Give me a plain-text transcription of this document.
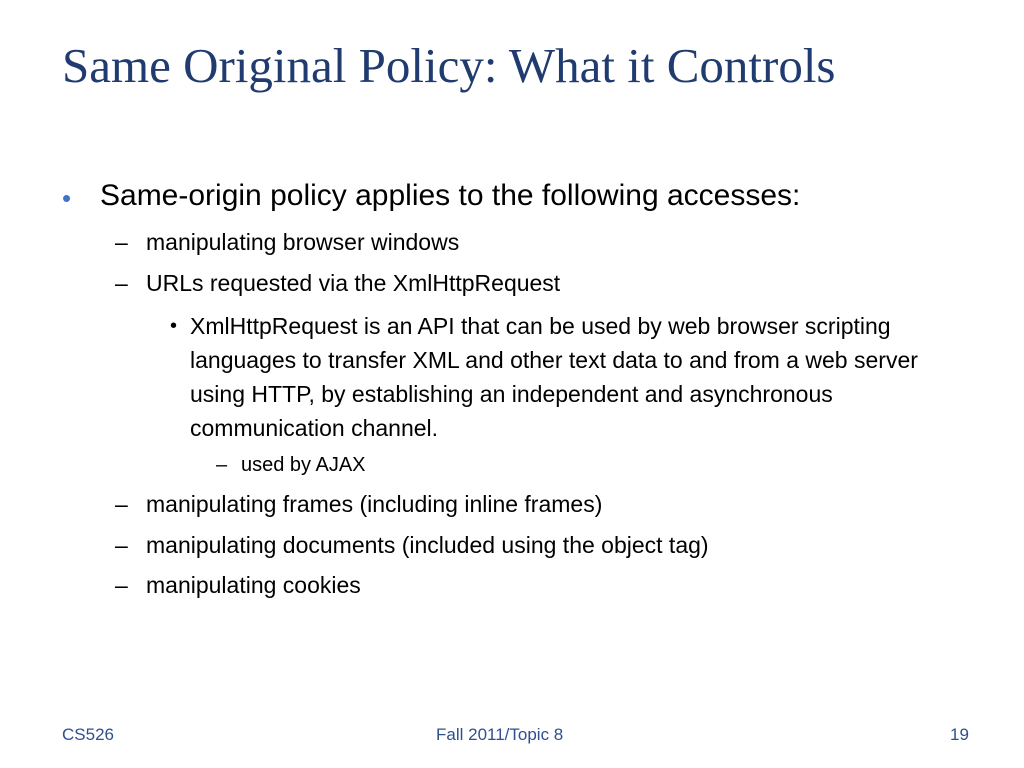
Same Original Policy: What it Controls
• Same-origin policy applies to the following accesses:
– manipulating browser windows
– URLs requested via the XmlHttpRequest
• XmlHttpRequest is an API that can be used by web browser scripting languages to transfer XML and other text data to and from a web server using HTTP, by establishing an independent and asynchronous communication channel.
– used by AJAX
– manipulating frames (including inline frames)
– manipulating documents (included using the object tag)
– manipulating cookies
CS526	Fall 2011/Topic 8	19
